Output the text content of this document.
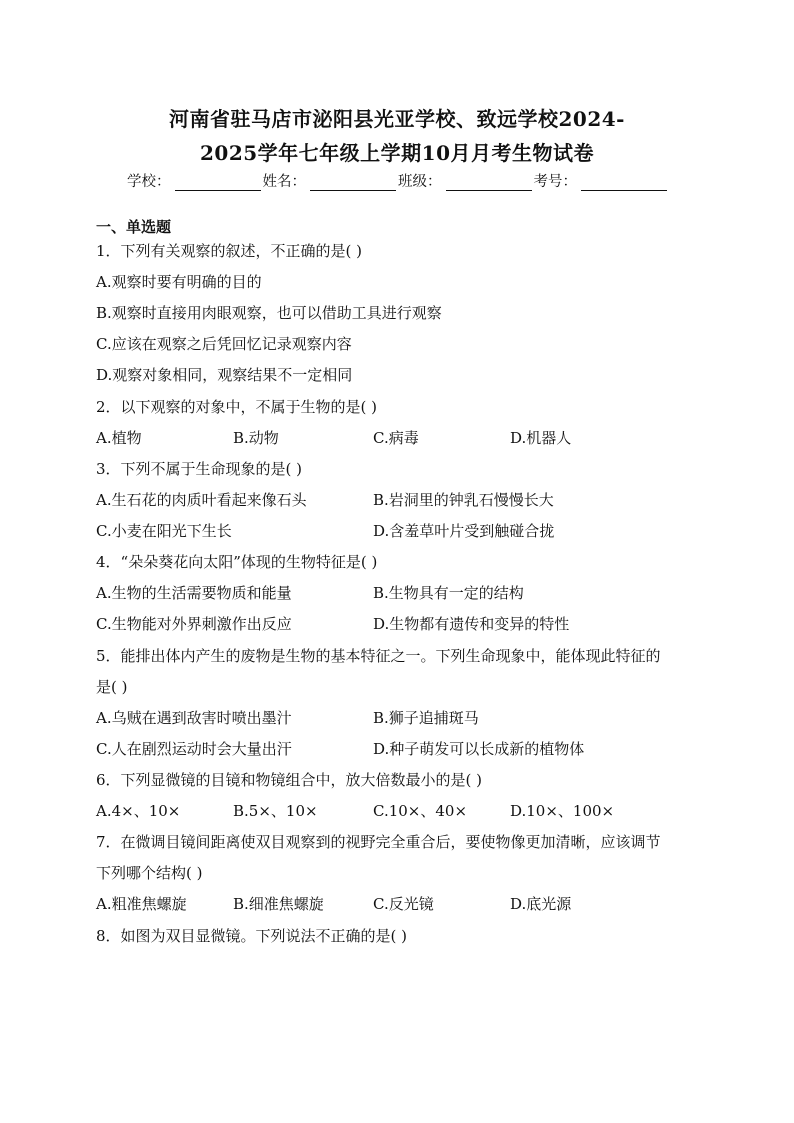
河南省驻马店市泌阳县光亚学校、致远学校2024-
2025学年七年级上学期10月月考生物试卷
学校：	姓名：	班级：	考号：
一、单选题
1．下列有关观察的叙述，不正确的是( )
A.观察时要有明确的目的
B.观察时直接用肉眼观察，也可以借助工具进行观察
C.应该在观察之后凭回忆记录观察内容
D.观察对象相同，观察结果不一定相同
2．以下观察的对象中，不属于生物的是( )
A.植物	B.动物	C.病毒	D.机器人
3．下列不属于生命现象的是( )
A.生石花的肉质叶看起来像石头	B.岩洞里的钟乳石慢慢长大
C.小麦在阳光下生长	D.含羞草叶片受到触碰合拢
4．“朵朵葵花向太阳”体现的生物特征是( )
A.生物的生活需要物质和能量	B.生物具有一定的结构
C.生物能对外界刺激作出反应	D.生物都有遗传和变异的特性
5．能排出体内产生的废物是生物的基本特征之一。下列生命现象中，能体现此特征的
是( )
A.乌贼在遇到敌害时喷出墨汁	B.狮子追捕斑马
C.人在剧烈运动时会大量出汗	D.种子萌发可以长成新的植物体
6．下列显微镜的目镜和物镜组合中，放大倍数最小的是( )
A.4×、10×	B.5×、10×	C.10×、40×	D.10×、100×
7．在微调目镜间距离使双目观察到的视野完全重合后，要使物像更加清晰，应该调节
下列哪个结构( )
A.粗准焦螺旋	B.细准焦螺旋	C.反光镜	D.底光源
8．如图为双目显微镜。下列说法不正确的是( )
